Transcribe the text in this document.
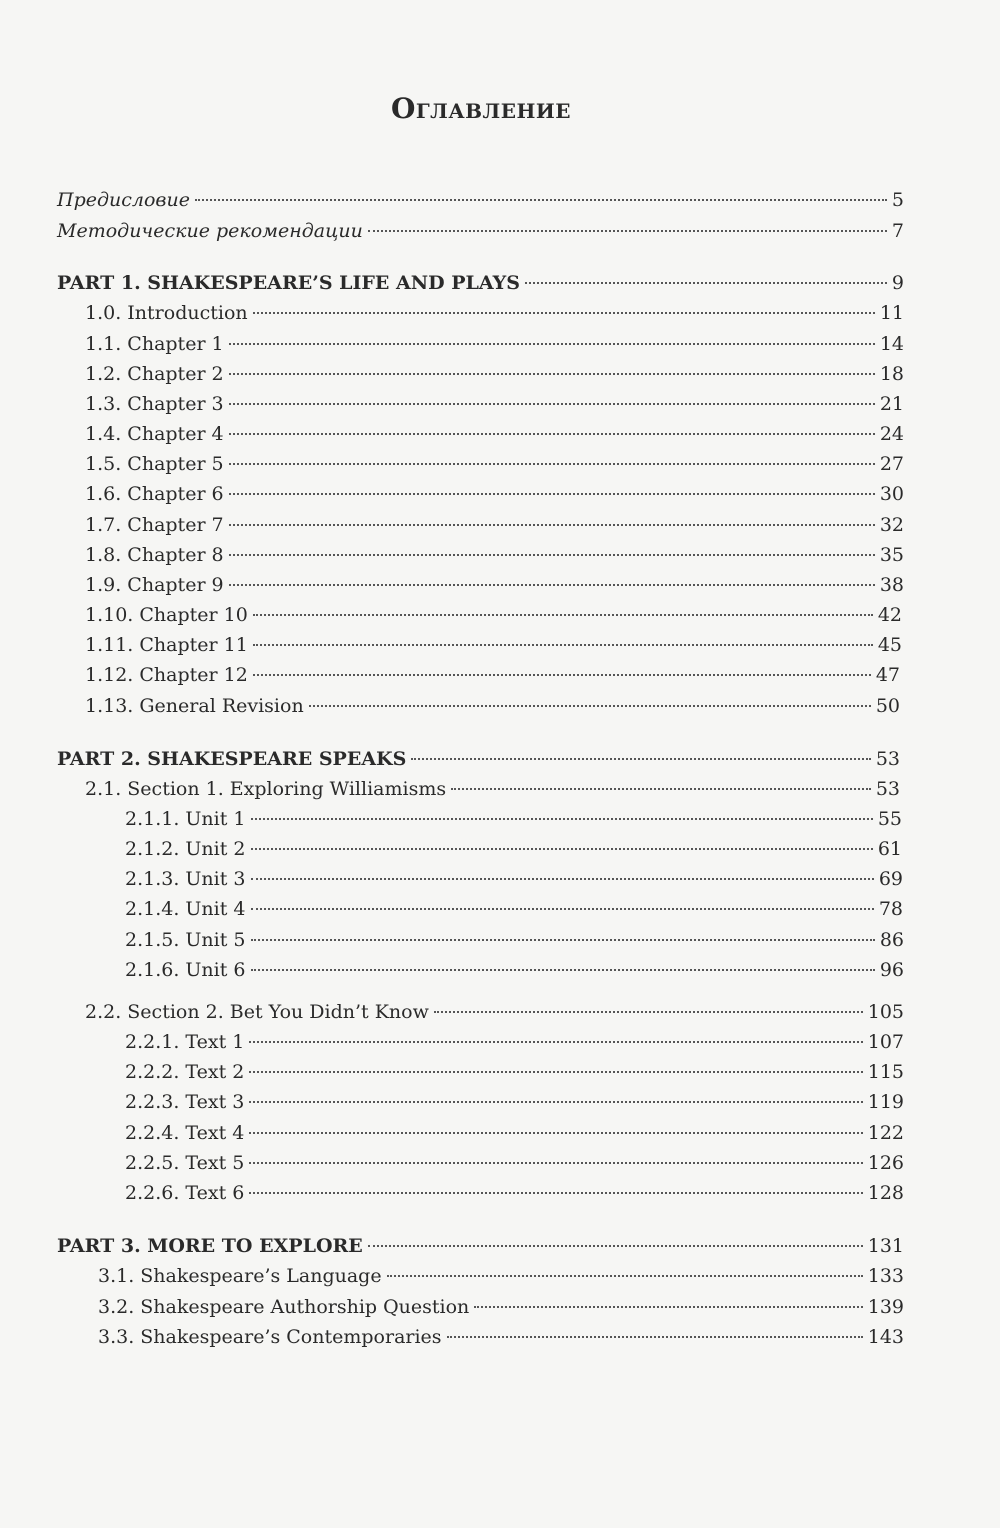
Оглавление
Предисловие	5
Методические рекомендации	7
PART 1. SHAKESPEARE’S LIFE AND PLAYS	9
1.0. Introduction	11
1.1. Chapter 1	14
1.2. Chapter 2	18
1.3. Chapter 3	21
1.4. Chapter 4	24
1.5. Chapter 5	27
1.6. Chapter 6	30
1.7. Chapter 7	32
1.8. Chapter 8	35
1.9. Chapter 9	38
1.10. Chapter 10	42
1.11. Chapter 11	45
1.12. Chapter 12	47
1.13. General Revision	50
PART 2. SHAKESPEARE SPEAKS	53
2.1. Section 1. Exploring Williamisms	53
2.1.1. Unit 1	55
2.1.2. Unit 2	61
2.1.3. Unit 3	69
2.1.4. Unit 4	78
2.1.5. Unit 5	86
2.1.6. Unit 6	96
2.2. Section 2. Bet You Didn’t Know	105
2.2.1. Text 1	107
2.2.2. Text 2	115
2.2.3. Text 3	119
2.2.4. Text 4	122
2.2.5. Text 5	126
2.2.6. Text 6	128
PART 3. MORE TO EXPLORE	131
3.1. Shakespeare’s Language	133
3.2. Shakespeare Authorship Question	139
3.3. Shakespeare’s Contemporaries	143
